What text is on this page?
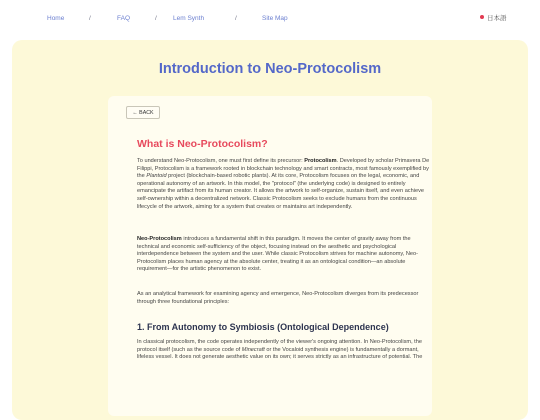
Home	/	FAQ	/ Lem Synth	/	Site Map	日本語
Introduction to Neo-Protocolism
← BACK
What is Neo-Protocolism?

To understand Neo-Protocolism, one must first define its precursor: Protocolism. Developed by scholar Primavera De Filippi, Protocolism is a framework rooted in blockchain technology and smart contracts, most famously exemplified by the Plantoid project (blockchain-based robotic plants). At its core, Protocolism focuses on the legal, economic, and operational autonomy of an artwork. In this model, the "protocol" (the underlying code) is designed to entirely emancipate the artifact from its human creator. It allows the artwork to self-organize, sustain itself, and even achieve self-ownership within a decentralized network. Classic Protocolism seeks to exclude humans from the continuous lifecycle of the artwork, aiming for a system that creates or maintains art independently.

Neo-Protocolism introduces a fundamental shift in this paradigm. It moves the center of gravity away from the technical and economic self-sufficiency of the object, focusing instead on the aesthetic and psychological interdependence between the system and the user. While classic Protocolism strives for machine autonomy, Neo-Protocolism places human agency at the absolute center, treating it as an ontological condition—an absolute requirement—for the artistic phenomenon to exist.

As an analytical framework for examining agency and emergence, Neo-Protocolism diverges from its predecessor through three foundational principles:

1. From Autonomy to Symbiosis (Ontological Dependence)

In classical protocolism, the code operates independently of the viewer's ongoing attention. In Neo-Protocolism, the protocol itself (such as the source code of Minecraft or the Vocaloid synthesis engine) is fundamentally a dormant, lifeless vessel. It does not generate aesthetic value on its own; it serves strictly as an infrastructure of potential. The
